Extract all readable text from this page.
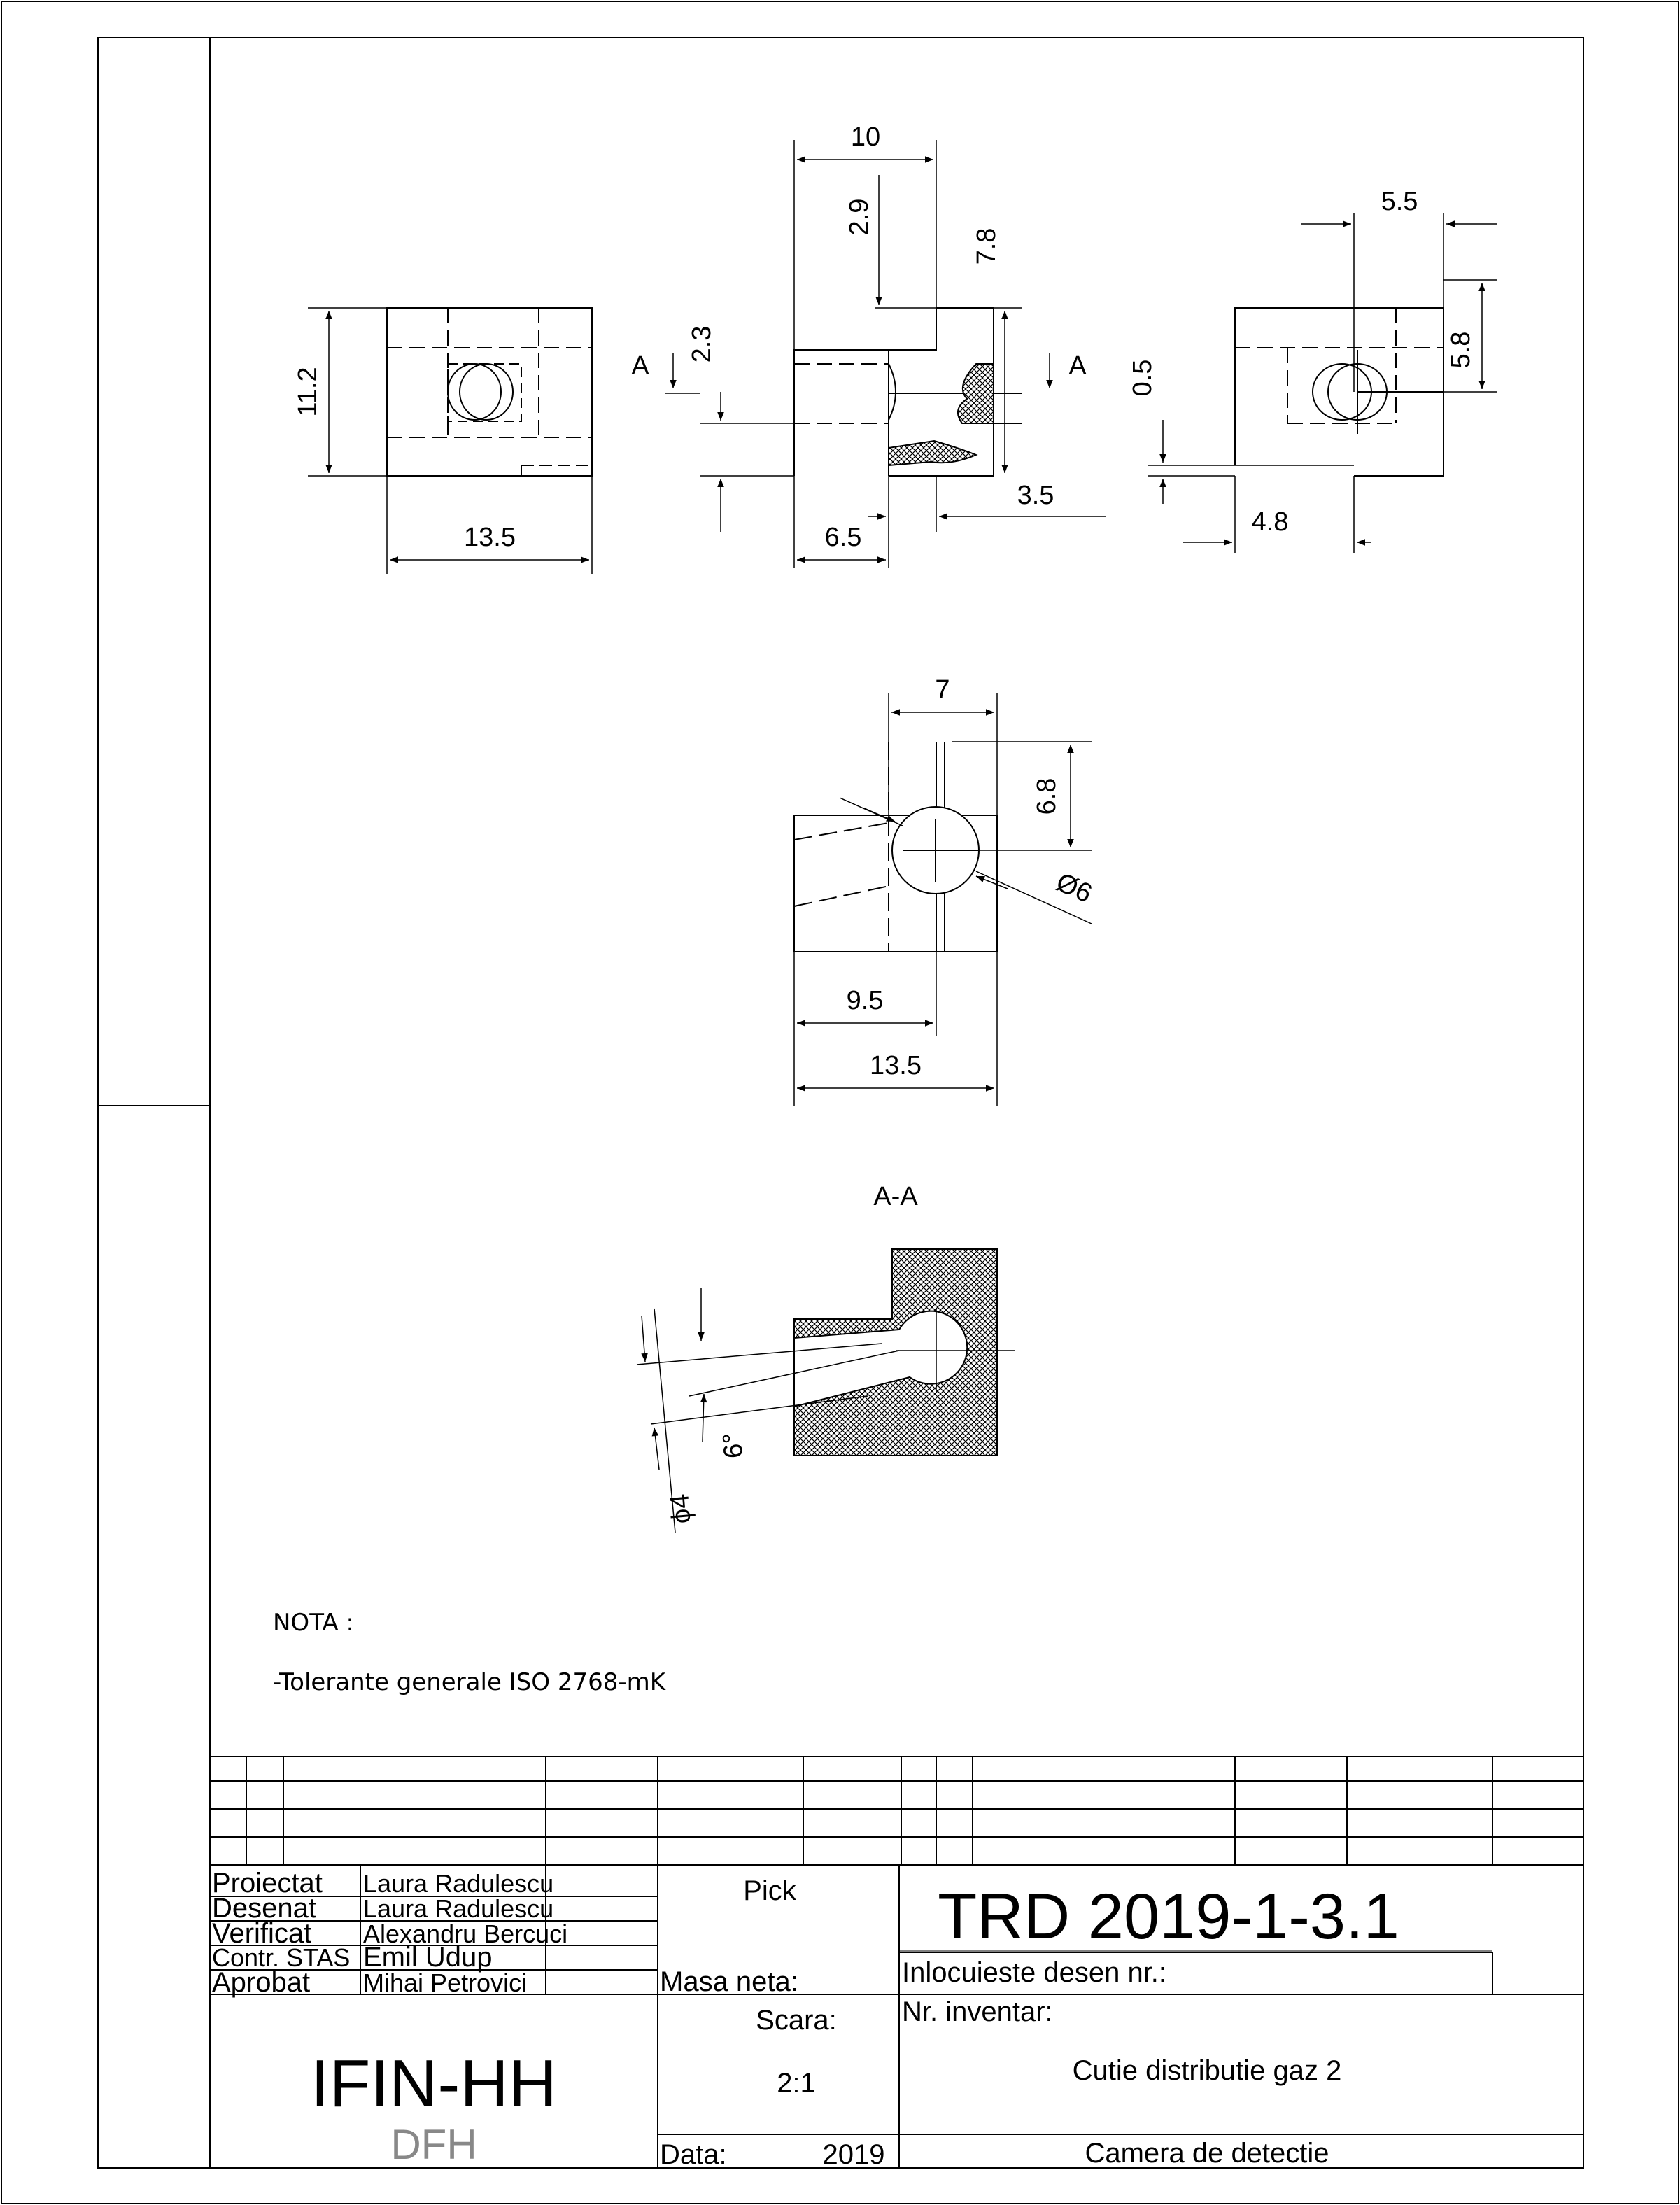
11.2
13.5
10
2.9
7.8
2.3
3.5
6.5
A	A
5.5
5.8
0.5
4.8
7
6.8
Ø6
9.5
13.5
A-A
6°
ϕ4
NOTA :
-Tolerante generale ISO 2768-mK
Proiectat
Desenat
Verificat
Contr. STAS
Aprobat
Laura Radulescu
Laura Radulescu
Alexandru Bercuci
Emil Udup
Mihai Petrovici
Pick
Masa neta:
Scara:
2:1
Data:	2019
TRD 2019-1-3.1
Inlocuieste desen nr.:
Nr. inventar:
Cutie distributie gaz 2
Camera de detectie
IFIN-HH
DFH
